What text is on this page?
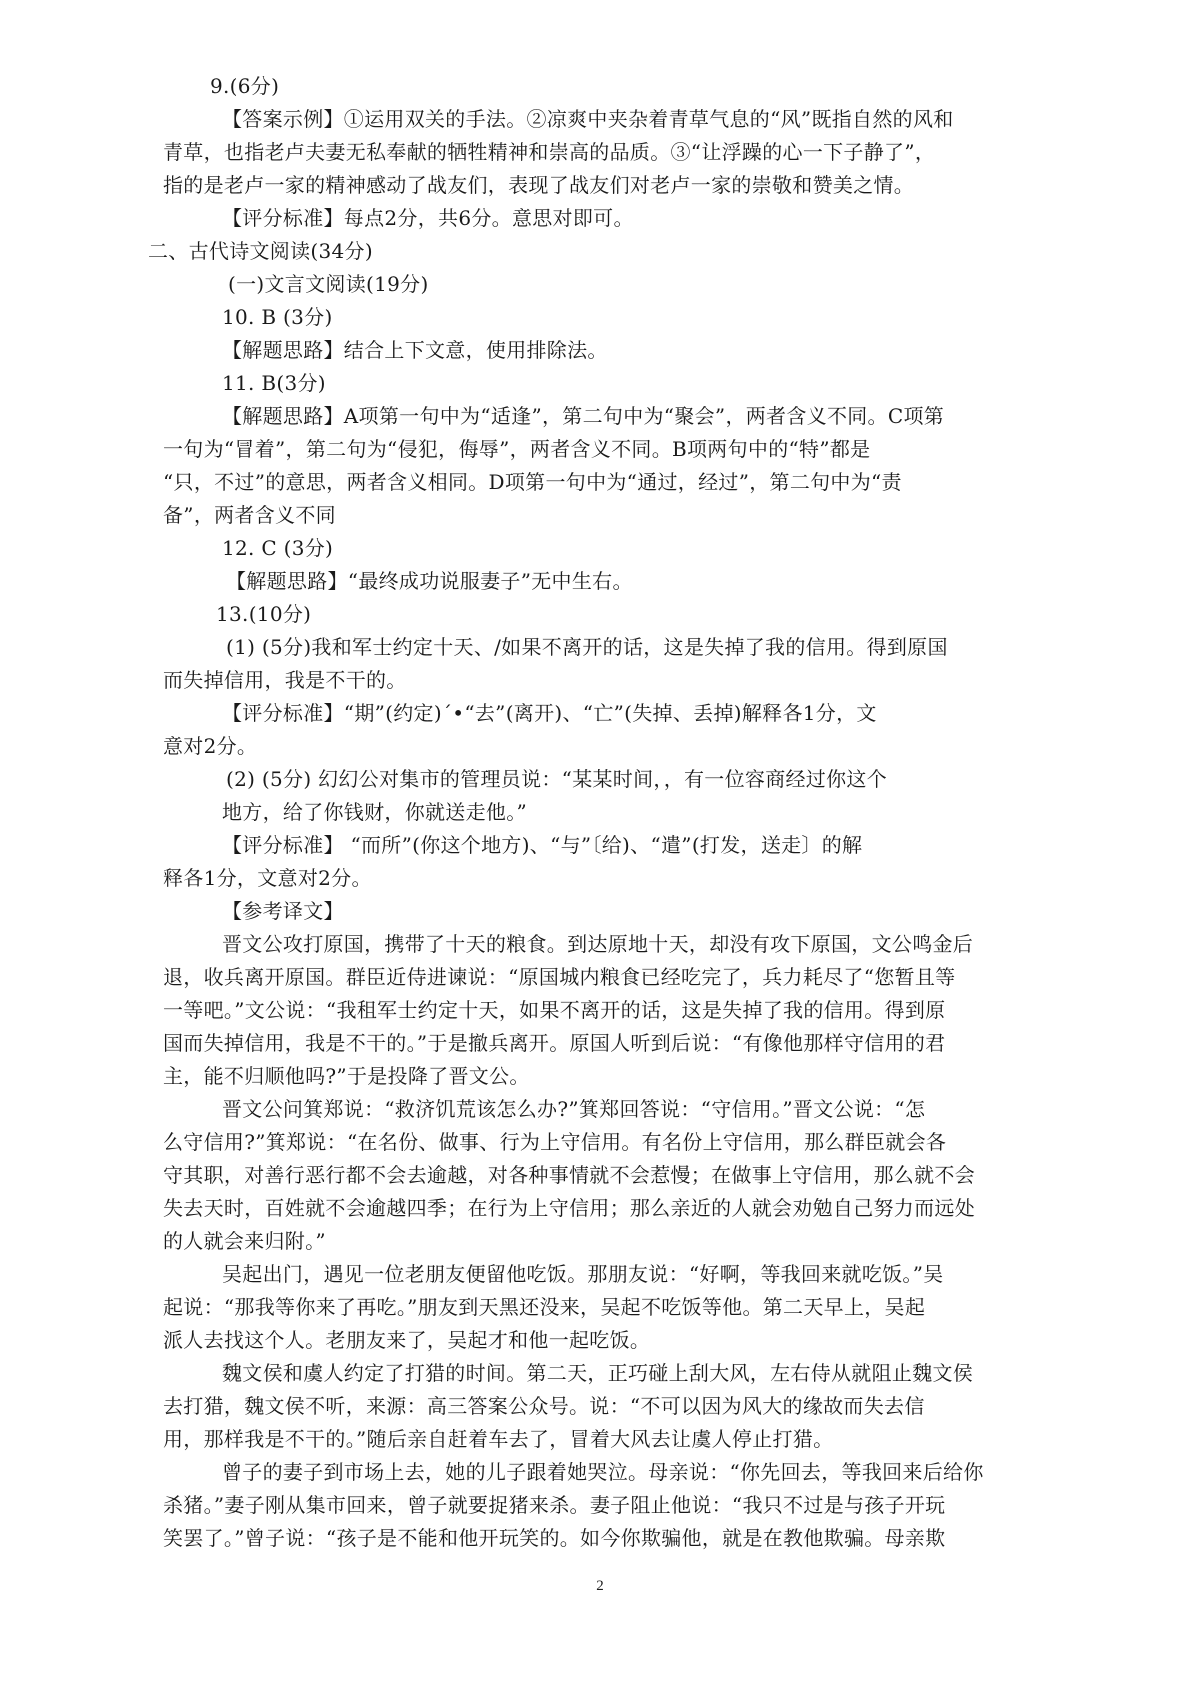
9.(6分)
【答案示例】①运用双关的手法。②凉爽中夹杂着青草气息的“风”既指自然的风和
青草，也指老卢夫妻无私奉献的牺牲精神和崇高的品质。③“让浮躁的心一下子静了”，
指的是老卢一家的精神感动了战友们，表现了战友们对老卢一家的崇敬和赞美之情。
【评分标准】每点2分，共6分。意思对即可。
二、古代诗文阅读(34分)
(一)文言文阅读(19分)
10. B (3分)
【解题思路】结合上下文意，使用排除法。
11. B(3分)
【解题思路】A项第一句中为“适逢”，第二句中为“聚会”，两者含义不同。C项第
一句为“冒着”，第二句为“侵犯，侮辱”，两者含义不同。B项两句中的“特”都是
“只，不过”的意思，两者含义相同。D项第一句中为“通过，经过”，第二句中为“责
备”，两者含义不同
12. C (3分)
【解题思路】“最终成功说服妻子”无中生右。
13.(10分)
(1) (5分)我和军士约定十天、/如果不离开的话，这是失掉了我的信用。得到原国
而失掉信用，我是不干的。
【评分标准】“期”(约定)´•“去”(离开)、“亡”(失掉、丢掉)解释各1分，文
意对2分。
(2) (5分) 幻幻公对集市的管理员说：“某某时间，，有一位容商经过你这个
地方，给了你钱财，你就送走他。”
【评分标准】 “而所”(你这个地方)、“与”〔给)、“遣”(打发，送走〕的解
释各1分，文意对2分。
【参考译文】
晋文公攻打原国，携带了十天的粮食。到达原地十天，却没有攻下原国，文公鸣金后
退，收兵离开原国。群臣近侍进谏说：“原国城内粮食已经吃完了，兵力耗尽了“您暂且等
一等吧。”文公说：“我租军士约定十天，如果不离开的话，这是失掉了我的信用。得到原
国而失掉信用，我是不干的。”于是撤兵离开。原国人听到后说：“有像他那样守信用的君
主，能不归顺他吗?”于是投降了晋文公。
晋文公问箕郑说：“救济饥荒该怎么办?”箕郑回答说：“守信用。”晋文公说：“怎
么守信用?”箕郑说：“在名份、做事、行为上守信用。有名份上守信用，那么群臣就会各
守其职，对善行恶行都不会去逾越，对各种事情就不会惹慢；在做事上守信用，那么就不会
失去天时，百姓就不会逾越四季；在行为上守信用；那么亲近的人就会劝勉自己努力而远处
的人就会来归附。”
吴起出门，遇见一位老朋友便留他吃饭。那朋友说：“好啊，等我回来就吃饭。”吴
起说：“那我等你来了再吃。”朋友到天黑还没来，吴起不吃饭等他。第二天早上，吴起
派人去找这个人。老朋友来了，吴起才和他一起吃饭。
魏文侯和虞人约定了打猎的时间。第二天，正巧碰上刮大风，左右侍从就阻止魏文侯
去打猎，魏文侯不听，来源：高三答案公众号。说：“不可以因为风大的缘故而失去信
用，那样我是不干的。”随后亲自赶着车去了，冒着大风去让虞人停止打猎。
曾子的妻子到市场上去，她的儿子跟着她哭泣。母亲说：“你先回去，等我回来后给你
杀猪。”妻子刚从集市回来，曾子就要捉猪来杀。妻子阻止他说：“我只不过是与孩子开玩
笑罢了。”曾子说：“孩子是不能和他开玩笑的。如今你欺骗他，就是在教他欺骗。母亲欺
2
